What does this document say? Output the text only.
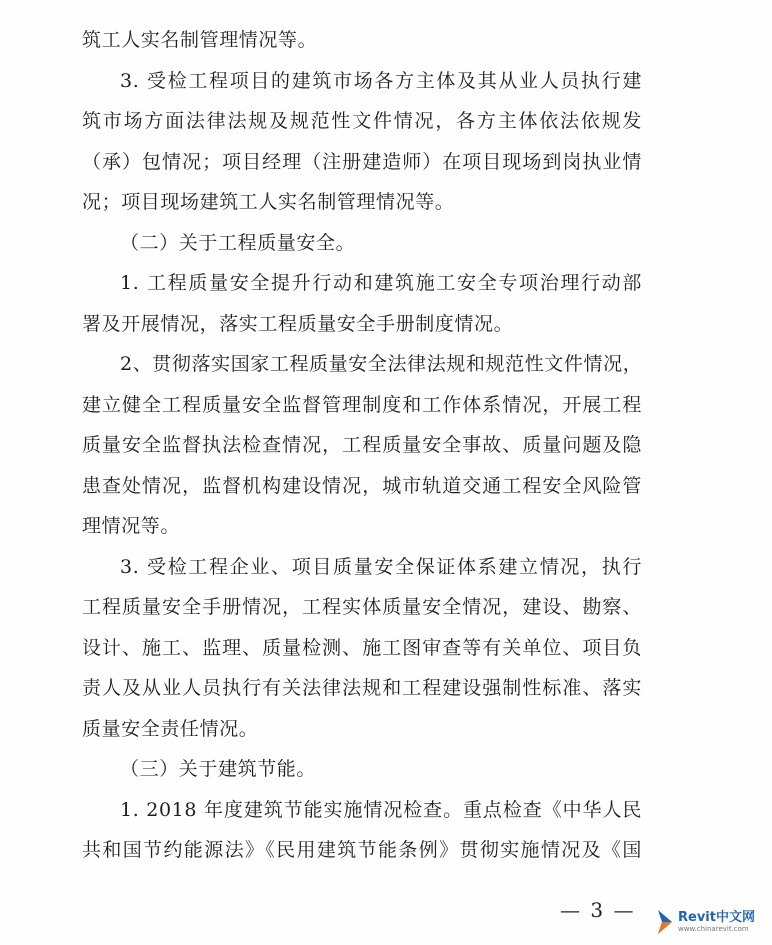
筑工人实名制管理情况等。
3. 受检工程项目的建筑市场各方主体及其从业人员执行建
筑市场方面法律法规及规范性文件情况，各方主体依法依规发
（承）包情况；项目经理（注册建造师）在项目现场到岗执业情
况；项目现场建筑工人实名制管理情况等。
（二）关于工程质量安全。
1. 工程质量安全提升行动和建筑施工安全专项治理行动部
署及开展情况，落实工程质量安全手册制度情况。
2、贯彻落实国家工程质量安全法律法规和规范性文件情况，
建立健全工程质量安全监督管理制度和工作体系情况，开展工程
质量安全监督执法检查情况，工程质量安全事故、质量问题及隐
患查处情况，监督机构建设情况，城市轨道交通工程安全风险管
理情况等。
3. 受检工程企业、项目质量安全保证体系建立情况，执行
工程质量安全手册情况，工程实体质量安全情况，建设、勘察、
设计、施工、监理、质量检测、施工图审查等有关单位、项目负
责人及从业人员执行有关法律法规和工程建设强制性标准、落实
质量安全责任情况。
（三）关于建筑节能。
1. 2018 年度建筑节能实施情况检查。重点检查《中华人民
共和国节约能源法》《民用建筑节能条例》贯彻实施情况及《国
— 3 —	Revit中文网
www.chinarevit.com
